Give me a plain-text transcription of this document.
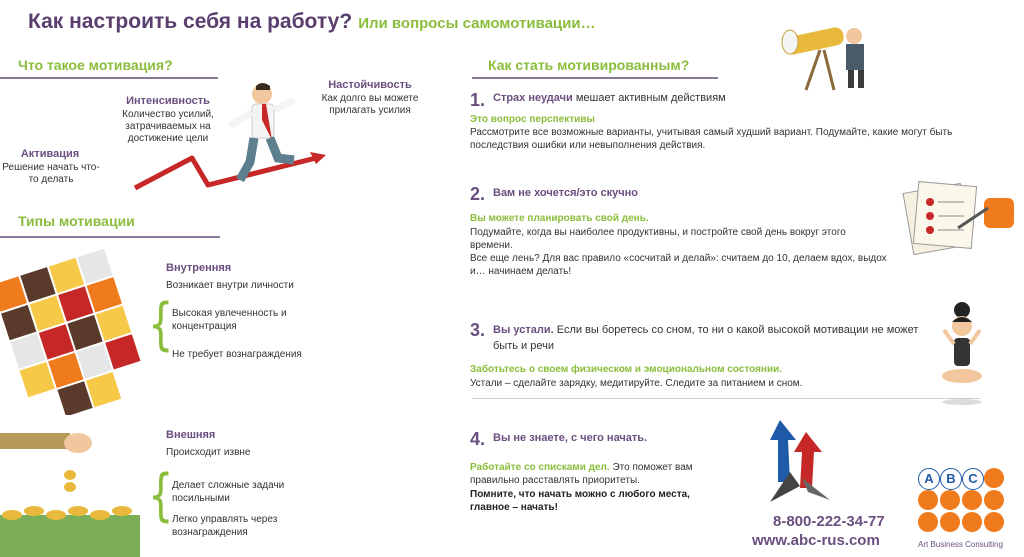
Как настроить себя на работу? Или вопросы самомотивации…
Что такое мотивация?
Активация
Решение начать что-то делать
Интенсивность
Количество усилий, затрачиваемых на достижение цели
Настойчивость
Как долго вы можете прилагать усилия
Типы мотивации
Внутренняя
Возникает внутри личности
{
Высокая увлеченность и концентрация
Не требует вознаграждения
Внешняя
Происходит извне
{
Делает сложные задачи посильными
Легко управлять через вознаграждения
Как стать мотивированным?
1. Страх неудачи мешает активным действиям
Это вопрос перспективы
Рассмотрите все возможные варианты, учитывая самый худший вариант. Подумайте, какие могут быть последствия ошибки или невыполнения действия.
2. Вам не хочется/это скучно
Вы можете планировать свой день.
Подумайте, когда вы наиболее продуктивны, и постройте свой день вокруг этого времени.
Все еще лень? Для вас правило «сосчитай и делай»: считаем до 10, делаем вдох, выдох и… начинаем делать!
3. Вы устали. Если вы боретесь со сном, то ни о какой высокой мотивации не может быть и речи
Заботьтесь о своем физическом и эмоциональном состоянии.
Устали – сделайте зарядку, медитируйте. Следите за питанием и сном.
4. Вы не знаете, с чего начать.
Работайте со списками дел. Это поможет вам правильно расставлять приоритеты.
Помните, что начать можно с любого места, главное – начать!
8-800-222-34-77
www.abc-rus.com
A B C
Art Business Consulting
